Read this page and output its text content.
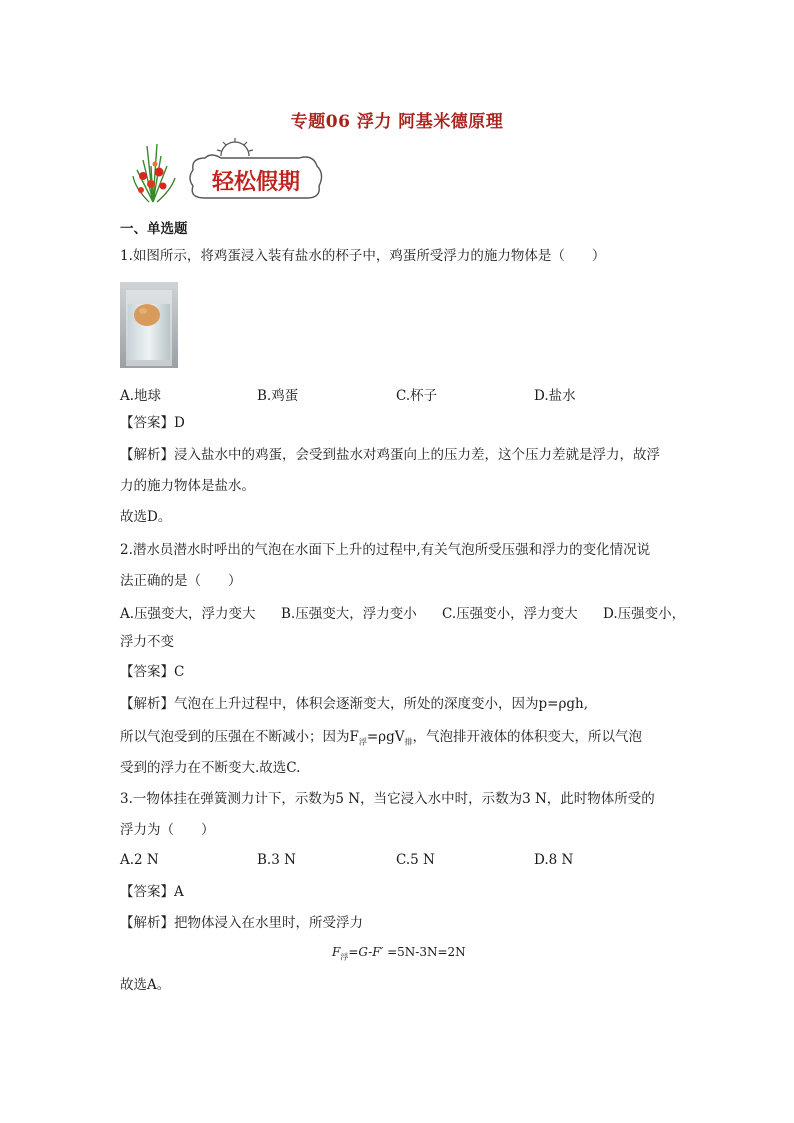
专题06 浮力 阿基米德原理
轻松假期
一、单选题
1.如图所示，将鸡蛋浸入装有盐水的杯子中，鸡蛋所受浮力的施力物体是（　　）
A.地球	B.鸡蛋	C.杯子	D.盐水
【答案】D
【解析】浸入盐水中的鸡蛋，会受到盐水对鸡蛋向上的压力差，这个压力差就是浮力，故浮
力的施力物体是盐水。
故选D。
2.潜水员潜水时呼出的气泡在水面下上升的过程中,有关气泡所受压强和浮力的变化情况说
法正确的是（　　）
A.压强变大，浮力变大 B.压强变大，浮力变小 C.压强变小，浮力变大 D.压强变小，
浮力不变
【答案】C
【解析】气泡在上升过程中，体积会逐渐变大，所处的深度变小，因为p=ρgh,
所以气泡受到的压强在不断减小；因为$F_浮=\rho gV_排$，气泡排开液体的体积变大，所以气泡
受到的浮力在不断变大.故选C.
3.一物体挂在弹簧测力计下，示数为5 N，当它浸入水中时，示数为3 N，此时物体所受的
浮力为（　　）
A.2 N	B.3 N	C.5 N	D.8 N
【答案】A
【解析】把物体浸入在水里时，所受浮力
$F_浮=G-F' =5N-3N=2N$
故选A。
